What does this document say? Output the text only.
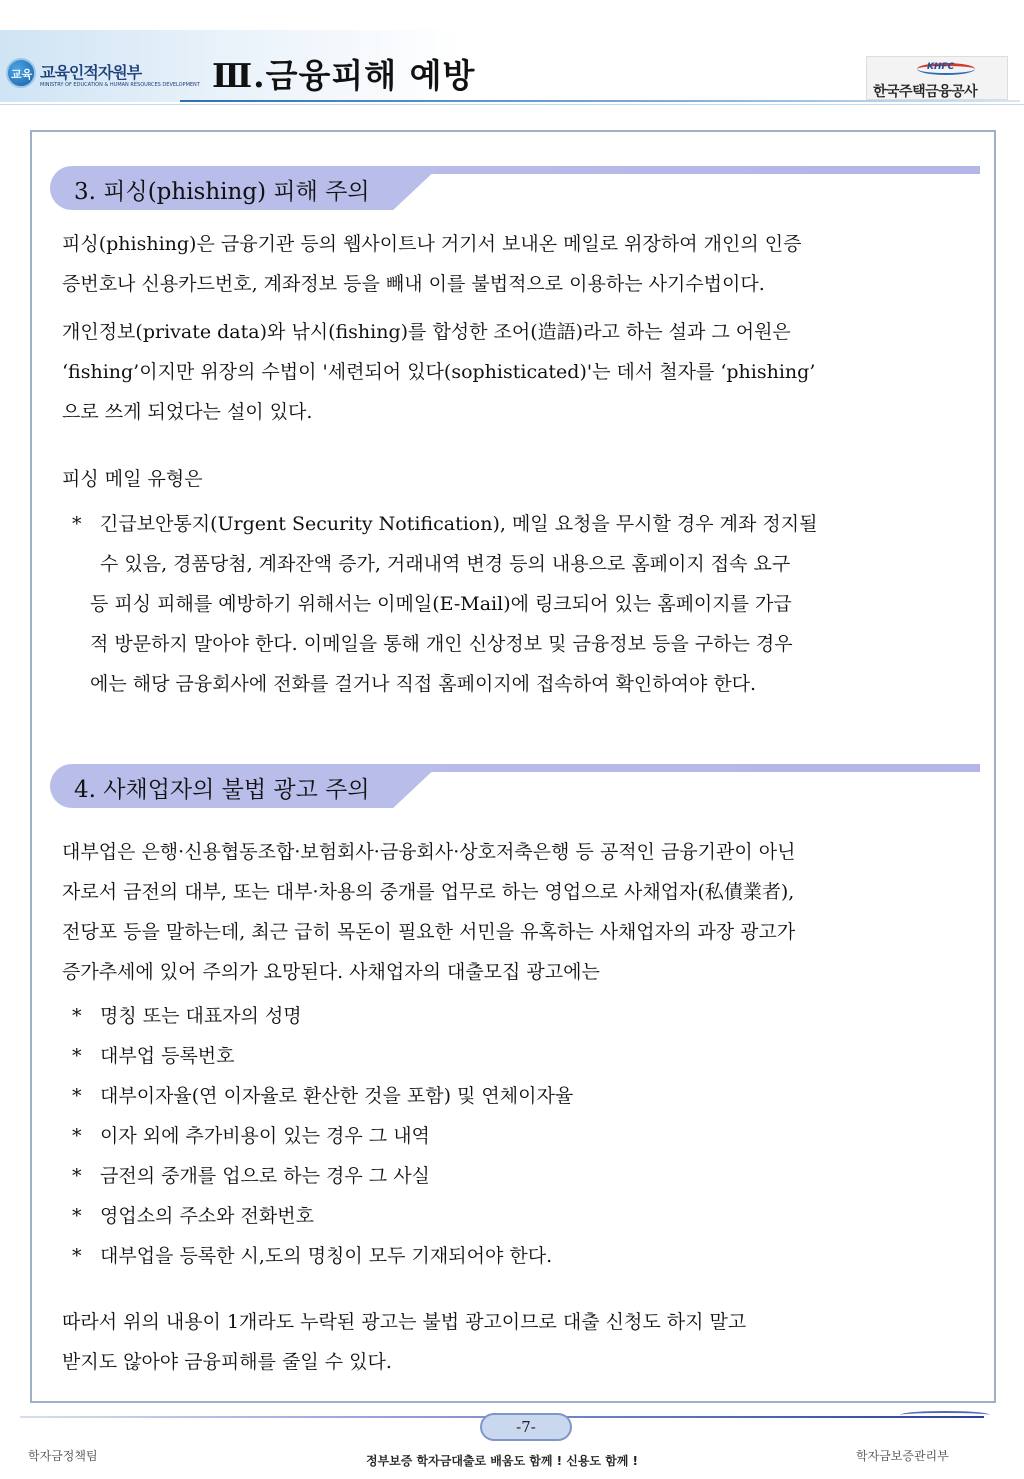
교육 교육인적자원부
MINISTRY OF EDUCATION & HUMAN RESOURCES DEVELOPMENT Ⅲ.금융피해 예방	KHFC
한국주택금융공사
3. 피싱(phishing) 피해 주의
피싱(phishing)은 금융기관 등의 웹사이트나 거기서 보내온 메일로 위장하여 개인의 인증
증번호나 신용카드번호, 계좌정보 등을 빼내 이를 불법적으로 이용하는 사기수법이다.
개인정보(private data)와 낚시(fishing)를 합성한 조어(造語)라고 하는 설과 그 어원은
‘fishing’이지만 위장의 수법이 '세련되어 있다(sophisticated)'는 데서 철자를 ‘phishing’
으로 쓰게 되었다는 설이 있다.
피싱 메일 유형은
* 긴급보안통지(Urgent Security Notification), 메일 요청을 무시할 경우 계좌 정지될
수 있음, 경품당첨, 계좌잔액 증가, 거래내역 변경 등의 내용으로 홈페이지 접속 요구
등 피싱 피해를 예방하기 위해서는 이메일(E-Mail)에 링크되어 있는 홈페이지를 가급
적 방문하지 말아야 한다. 이메일을 통해 개인 신상정보 및 금융정보 등을 구하는 경우
에는 해당 금융회사에 전화를 걸거나 직접 홈페이지에 접속하여 확인하여야 한다.
4. 사채업자의 불법 광고 주의
대부업은 은행·신용협동조합·보험회사·금융회사·상호저축은행 등 공적인 금융기관이 아닌
자로서 금전의 대부, 또는 대부·차용의 중개를 업무로 하는 영업으로 사채업자(私債業者),
전당포 등을 말하는데, 최근 급히 목돈이 필요한 서민을 유혹하는 사채업자의 과장 광고가
증가추세에 있어 주의가 요망된다. 사채업자의 대출모집 광고에는
* 명칭 또는 대표자의 성명
* 대부업 등록번호
* 대부이자율(연 이자율로 환산한 것을 포함) 및 연체이자율
* 이자 외에 추가비용이 있는 경우 그 내역
* 금전의 중개를 업으로 하는 경우 그 사실
* 영업소의 주소와 전화번호
* 대부업을 등록한 시,도의 명칭이 모두 기재되어야 한다.
따라서 위의 내용이 1개라도 누락된 광고는 불법 광고이므로 대출 신청도 하지 말고
받지도 않아야 금융피해를 줄일 수 있다.
-7-
학자금정책팀	정부보증 학자금대출로 배움도 함께 ! 신용도 함께 !	학자금보증관리부
